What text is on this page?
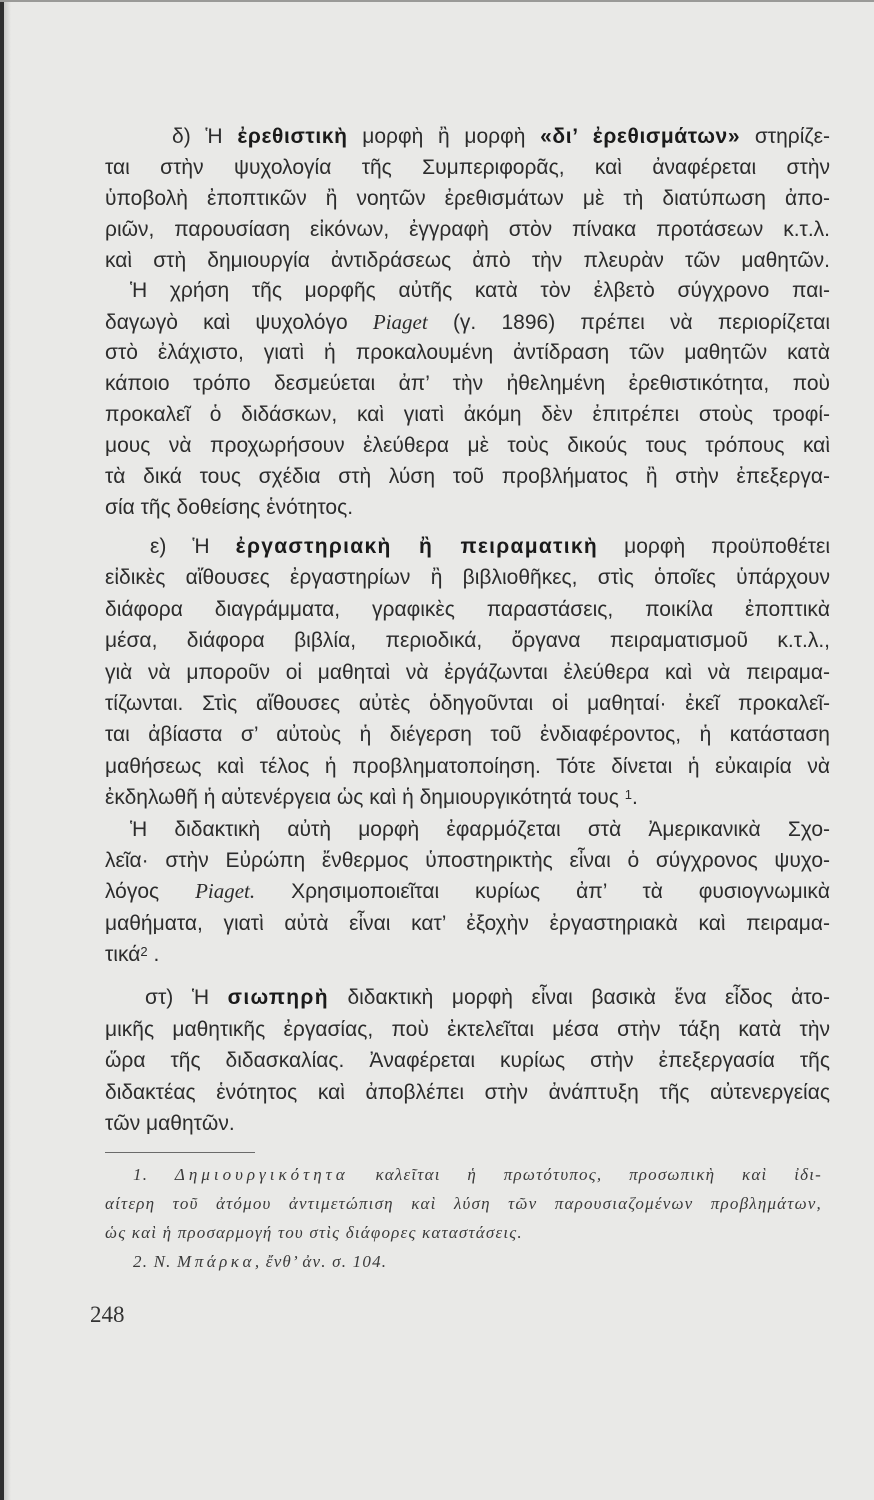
δ) Ἡ ἐρεθιστικὴ μορφὴ ἢ μορφὴ «δι’ ἐρεθισμάτων» στηρίζε-
ται στὴν ψυχολογία τῆς Συμπεριφορᾶς, καὶ ἀναφέρεται στὴν
ὑποβολὴ ἐποπτικῶν ἢ νοητῶν ἐρεθισμάτων μὲ τὴ διατύπωση ἀπο-
ριῶν, παρουσίαση εἰκόνων, ἐγγραφὴ στὸν πίνακα προτάσεων κ.τ.λ.
καὶ στὴ δημιουργία ἀντιδράσεως ἀπὸ τὴν πλευρὰν τῶν μαθητῶν.
Ἡ χρήση τῆς μορφῆς αὐτῆς κατὰ τὸν ἑλβετὸ σύγχρονο παι-
δαγωγὸ καὶ ψυχολόγο Piaget (γ. 1896) πρέπει νὰ περιορίζεται
στὸ ἐλάχιστο, γιατὶ ἡ προκαλουμένη ἀντίδραση τῶν μαθητῶν κατὰ
κάποιο τρόπο δεσμεύεται ἀπ’ τὴν ἠθελημένη ἐρεθιστικότητα, ποὺ
προκαλεῖ ὁ διδάσκων, καὶ γιατὶ ἀκόμη δὲν ἐπιτρέπει στοὺς τροφί-
μους νὰ προχωρήσουν ἐλεύθερα μὲ τοὺς δικούς τους τρόπους καὶ
τὰ δικά τους σχέδια στὴ λύση τοῦ προβλήματος ἢ στὴν ἐπεξεργα-
σία τῆς δοθείσης ἑνότητος.
ε) Ἡ ἐργαστηριακὴ ἢ πειραματικὴ μορφὴ προϋποθέτει
εἰδικὲς αἴθουσες ἐργαστηρίων ἢ βιβλιοθῆκες, στὶς ὁποῖες ὑπάρχουν
διάφορα διαγράμματα, γραφικὲς παραστάσεις, ποικίλα ἐποπτικὰ
μέσα, διάφορα βιβλία, περιοδικά, ὄργανα πειραματισμοῦ κ.τ.λ.,
γιὰ νὰ μποροῦν οἱ μαθηταὶ νὰ ἐργάζωνται ἐλεύθερα καὶ νὰ πειραμα-
τίζωνται. Στὶς αἴθουσες αὐτὲς ὁδηγοῦνται οἱ μαθηταί· ἐκεῖ προκαλεῖ-
ται ἀβίαστα σ’ αὐτοὺς ἡ διέγερση τοῦ ἐνδιαφέροντος, ἡ κατάσταση
μαθήσεως καὶ τέλος ἡ προβληματοποίηση. Τότε δίνεται ἡ εὐκαιρία νὰ
ἐκδηλωθῆ ἡ αὐτενέργεια ὡς καὶ ἡ δημιουργικότητά τους $^1$.
Ἡ διδακτικὴ αὐτὴ μορφὴ ἐφαρμόζεται στὰ Ἀμερικανικὰ Σχο-
λεῖα· στὴν Εὐρώπη ἔνθερμος ὑποστηρικτὴς εἶναι ὁ σύγχρονος ψυχο-
λόγος Piaget. Χρησιμοποιεῖται κυρίως ἀπ’ τὰ φυσιογνωμικὰ
μαθήματα, γιατὶ αὐτὰ εἶναι κατ’ ἐξοχὴν ἐργαστηριακὰ καὶ πειραμα-
τικά$^2$ .
στ) Ἡ σιωπηρὴ διδακτικὴ μορφὴ εἶναι βασικὰ ἕνα εἶδος ἀτο-
μικῆς μαθητικῆς ἐργασίας, ποὺ ἐκτελεῖται μέσα στὴν τάξη κατὰ τὴν
ὥρα τῆς διδασκαλίας. Ἀναφέρεται κυρίως στὴν ἐπεξεργασία τῆς
διδακτέας ἑνότητος καὶ ἀποβλέπει στὴν ἀνάπτυξη τῆς αὐτενεργείας
τῶν μαθητῶν.
1. Δημιουργικότητα καλεῖται ἡ πρωτότυπος, προσωπικὴ καὶ ἰδι-
αίτερη τοῦ ἀτόμου ἀντιμετώπιση καὶ λύση τῶν παρουσιαζομένων προβλημάτων,
ὡς καὶ ἡ προσαρμογή του στὶς διάφορες καταστάσεις.
2. Ν. Μπάρκα, ἔνθ’ ἀν. σ. 104.
248
